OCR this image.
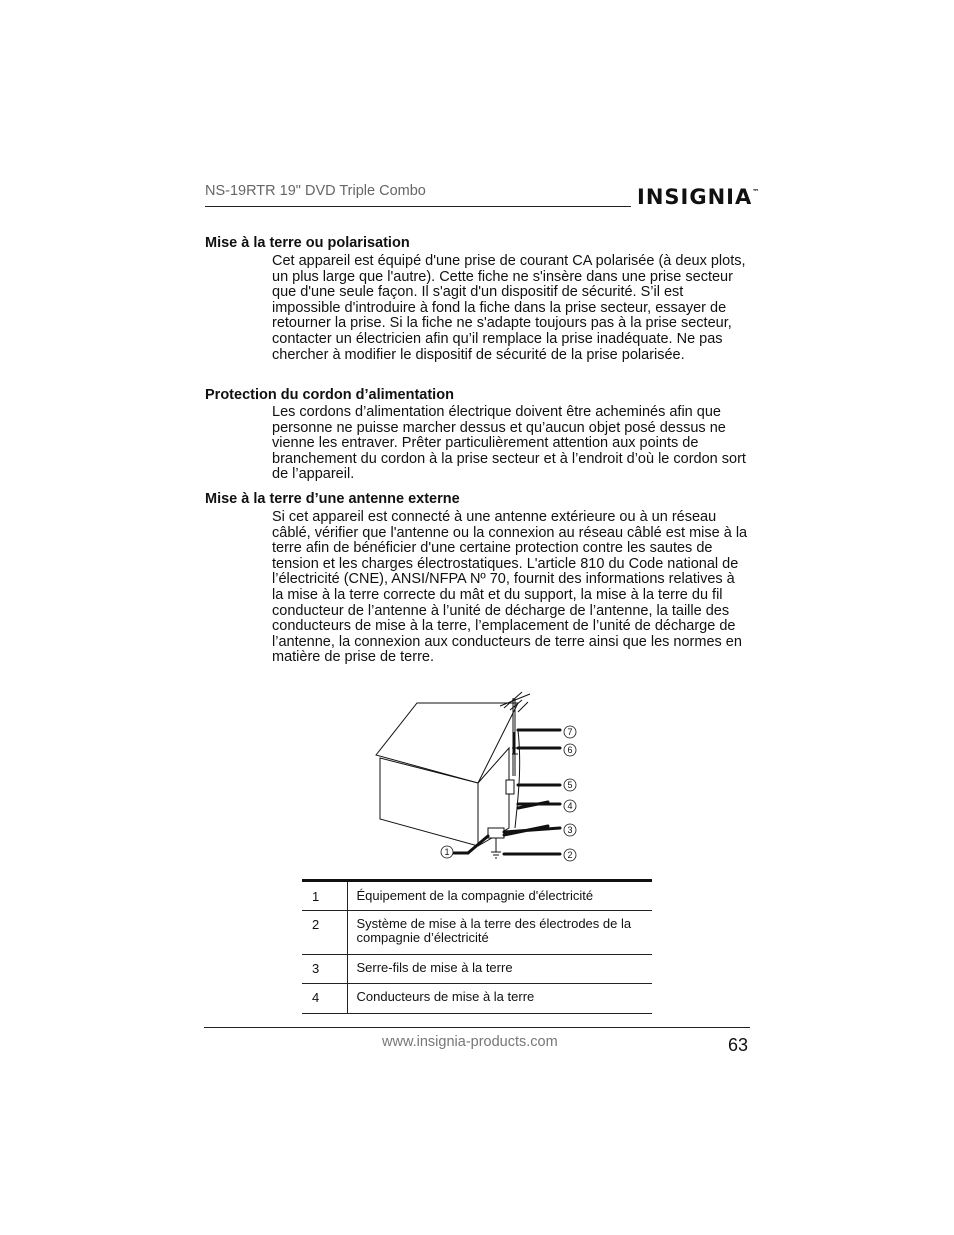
NS-19RTR 19" DVD Triple Combo	INSIGNIA™
Mise à la terre ou polarisation

Cet appareil est équipé d'une prise de courant CA polarisée (à deux plots, un plus large que l'autre). Cette fiche ne s'insère dans une prise secteur que d'une seule façon. Il s'agit d'un dispositif de sécurité. S’il est impossible d'introduire à fond la fiche dans la prise secteur, essayer de retourner la prise. Si la fiche ne s'adapte toujours pas à la prise secteur, contacter un électricien afin qu’il remplace la prise inadéquate. Ne pas chercher à modifier le dispositif de sécurité de la prise polarisée.

Protection du cordon d’alimentation

Les cordons d’alimentation électrique doivent être acheminés afin que personne ne puisse marcher dessus et qu’aucun objet posé dessus ne vienne les entraver. Prêter particulièrement attention aux points de branchement du cordon à la prise secteur et à l’endroit d’où le cordon sort de l’appareil.

Mise à la terre d’une antenne externe

Si cet appareil est connecté à une antenne extérieure ou à un réseau câblé, vérifier que l'antenne ou la connexion au réseau câblé est mise à la terre afin de bénéficier d'une certaine protection contre les sautes de tension et les charges électrostatiques. L'article 810 du Code national de l’électricité (CNE), ANSI/NFPA Nº 70, fournit des informations relatives à la mise à la terre correcte du mât et du support, la mise à la terre du fil conducteur de l’antenne à l’unité de décharge de l’antenne, la taille des conducteurs de mise à la terre, l’emplacement de l’unité de décharge de l’antenne, la connexion aux conducteurs de terre ainsi que les normes en matière de prise de terre.

7
6
5
4
3
2
1
1	Équipement de la compagnie d'électricité
2	Système de mise à la terre des électrodes de la compagnie d’électricité
3	Serre-fils de mise à la terre
4	Conducteurs de mise à la terre
www.insignia-products.com	63
